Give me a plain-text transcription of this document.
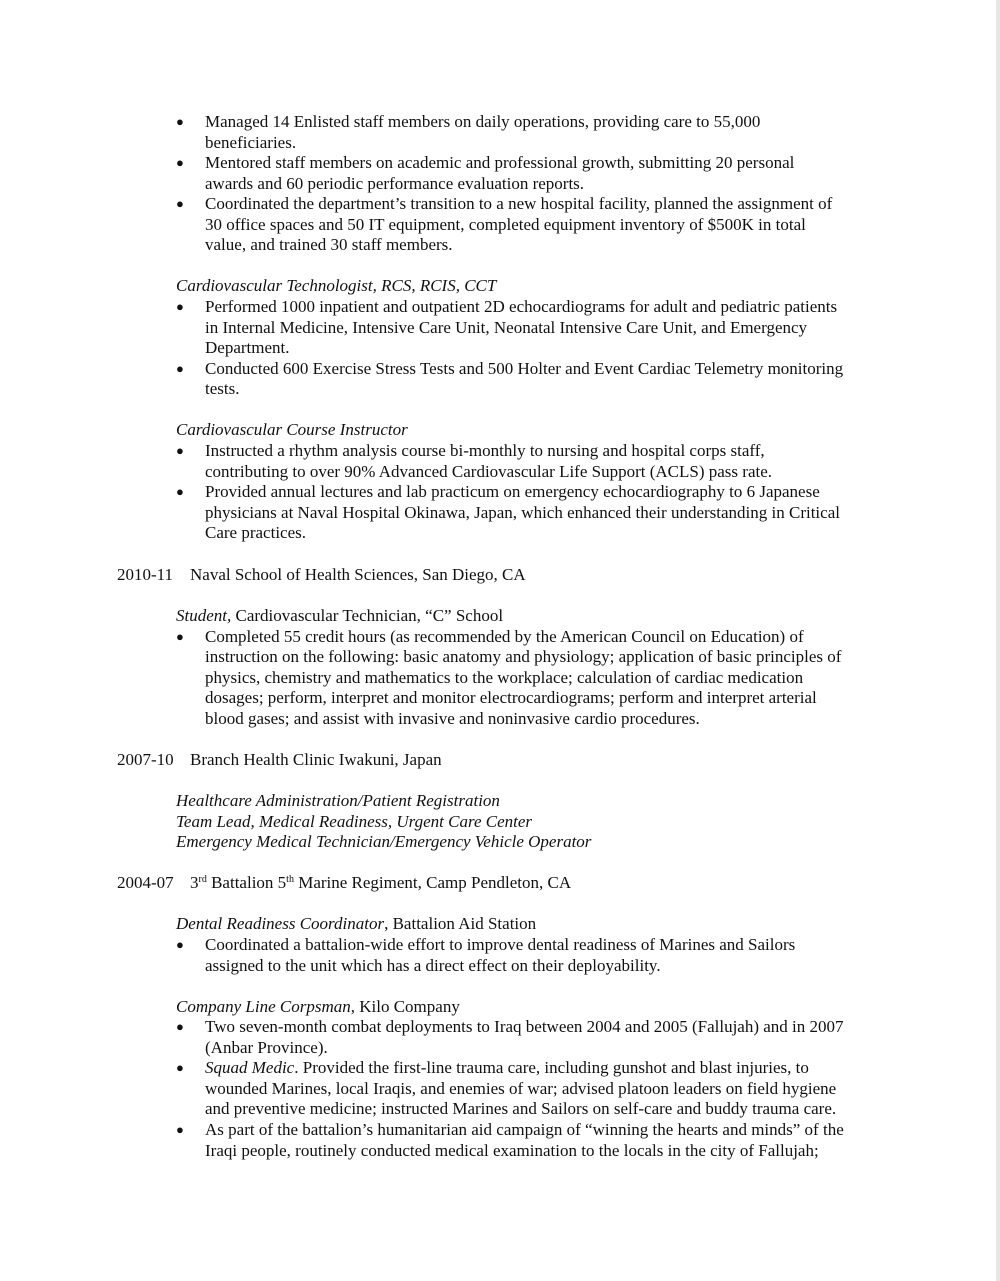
● Managed 14 Enlisted staff members on daily operations, providing care to 55,000
beneficiaries.
● Mentored staff members on academic and professional growth, submitting 20 personal
awards and 60 periodic performance evaluation reports.
● Coordinated the department’s transition to a new hospital facility, planned the assignment of
30 office spaces and 50 IT equipment, completed equipment inventory of $500K in total
value, and trained 30 staff members.
Cardiovascular Technologist, RCS, RCIS, CCT
● Performed 1000 inpatient and outpatient 2D echocardiograms for adult and pediatric patients
in Internal Medicine, Intensive Care Unit, Neonatal Intensive Care Unit, and Emergency
Department.
● Conducted 600 Exercise Stress Tests and 500 Holter and Event Cardiac Telemetry monitoring
tests.
Cardiovascular Course Instructor
● Instructed a rhythm analysis course bi-monthly to nursing and hospital corps staff,
contributing to over 90% Advanced Cardiovascular Life Support (ACLS) pass rate.
● Provided annual lectures and lab practicum on emergency echocardiography to 6 Japanese
physicians at Naval Hospital Okinawa, Japan, which enhanced their understanding in Critical
Care practices.
2010-11 Naval School of Health Sciences, San Diego, CA
Student, Cardiovascular Technician, “C” School
● Completed 55 credit hours (as recommended by the American Council on Education) of
instruction on the following: basic anatomy and physiology; application of basic principles of
physics, chemistry and mathematics to the workplace; calculation of cardiac medication
dosages; perform, interpret and monitor electrocardiograms; perform and interpret arterial
blood gases; and assist with invasive and noninvasive cardio procedures.
2007-10 Branch Health Clinic Iwakuni, Japan
Healthcare Administration/Patient Registration
Team Lead, Medical Readiness, Urgent Care Center
Emergency Medical Technician/Emergency Vehicle Operator
2004-07 3rd Battalion 5th Marine Regiment, Camp Pendleton, CA
Dental Readiness Coordinator, Battalion Aid Station
● Coordinated a battalion-wide effort to improve dental readiness of Marines and Sailors
assigned to the unit which has a direct effect on their deployability.
Company Line Corpsman, Kilo Company
● Two seven-month combat deployments to Iraq between 2004 and 2005 (Fallujah) and in 2007
(Anbar Province).
● Squad Medic. Provided the first-line trauma care, including gunshot and blast injuries, to
wounded Marines, local Iraqis, and enemies of war; advised platoon leaders on field hygiene
and preventive medicine; instructed Marines and Sailors on self-care and buddy trauma care.
● As part of the battalion’s humanitarian aid campaign of “winning the hearts and minds” of the
Iraqi people, routinely conducted medical examination to the locals in the city of Fallujah;
